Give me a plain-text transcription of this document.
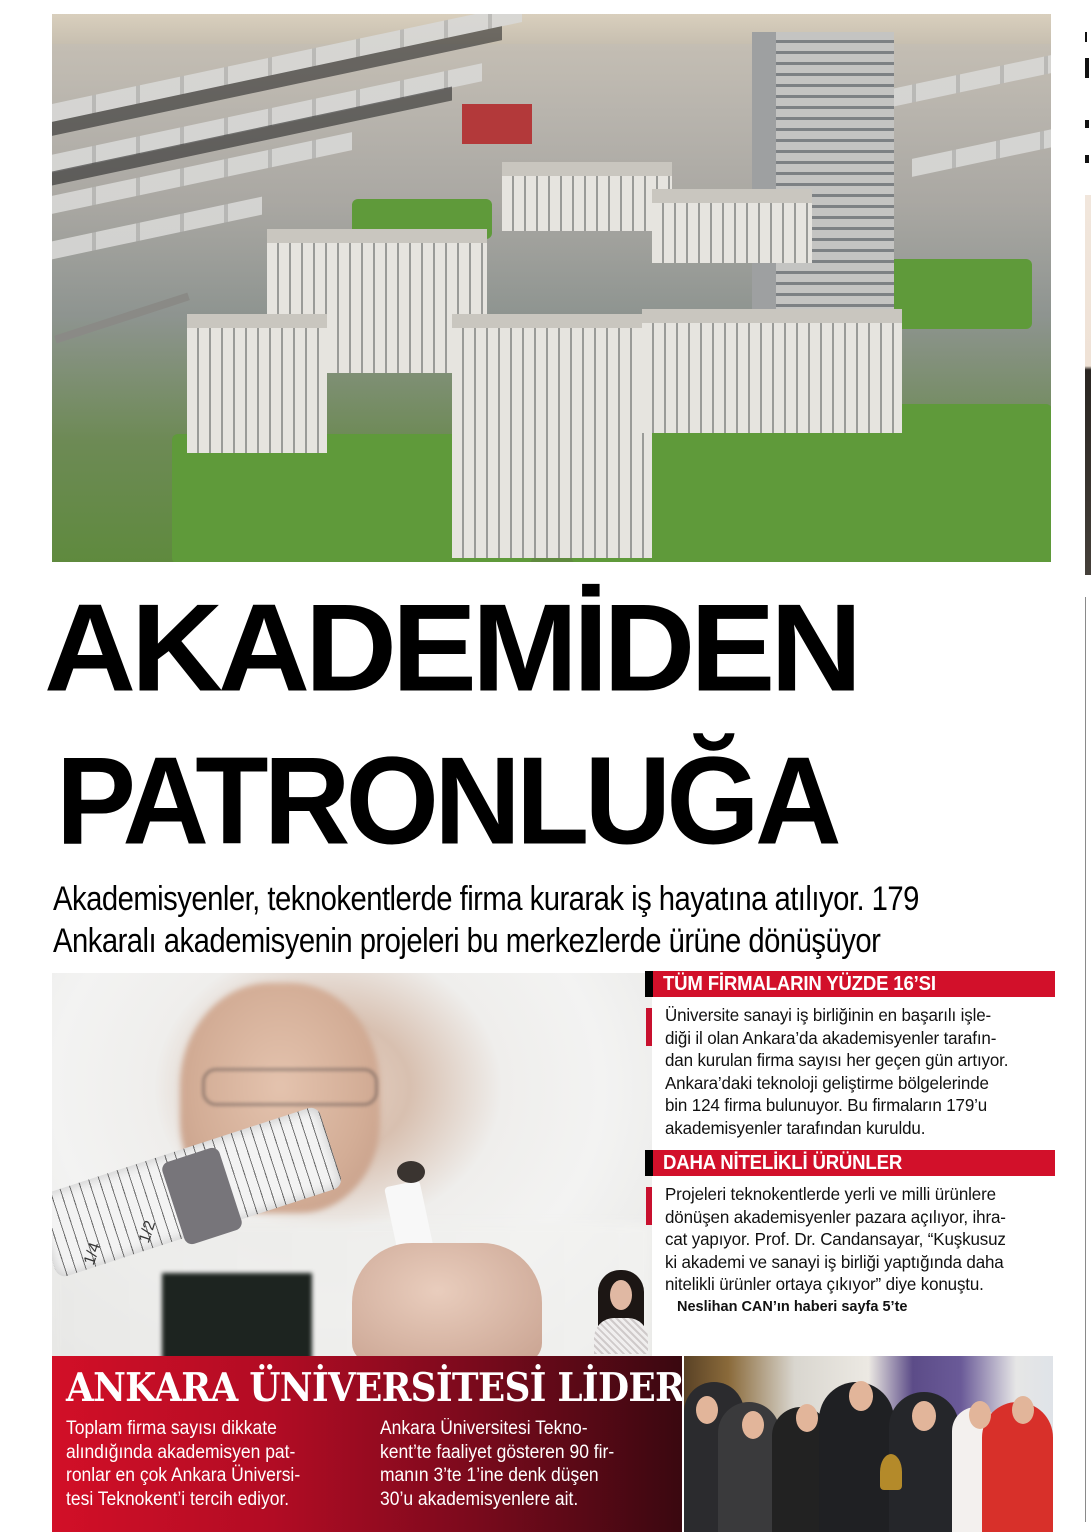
AKADEMİDEN
PATRONLUĞA
Akademisyenler, teknokentlerde firma kurarak iş hayatına atılıyor. 179
Ankaralı akademisyenin projeleri bu merkezlerde ürüne dönüşüyor
1/2
1/4
TÜM FİRMALARIN YÜZDE 16’SI

Üniversite sanayi iş birliğinin en başarılı işle-

diği il olan Ankara’da akademisyenler tarafın-

dan kurulan firma sayısı her geçen gün artıyor.

Ankara’daki teknoloji geliştirme bölgelerinde

bin 124 firma bulunuyor. Bu firmaların 179’u

akademisyenler tarafından kuruldu.

DAHA NİTELİKLİ ÜRÜNLER

Projeleri teknokentlerde yerli ve milli ürünlere

dönüşen akademisyenler pazara açılıyor, ihra-

cat yapıyor. Prof. Dr. Candansayar, “Kuşkusuz

ki akademi ve sanayi iş birliği yaptığında daha

nitelikli ürünler ortaya çıkıyor” diye konuştu.

Neslihan CAN’ın haberi sayfa 5’te
ANKARA ÜNİVERSİTESİ LİDER
Toplam firma sayısı dikkate
alındığında akademisyen pat-
ronlar en çok Ankara Üniversi-
tesi Teknokent’i tercih ediyor.
Ankara Üniversitesi Tekno-
kent’te faaliyet gösteren 90 fir-
manın 3’te 1’ine denk düşen
30’u akademisyenlere ait.
